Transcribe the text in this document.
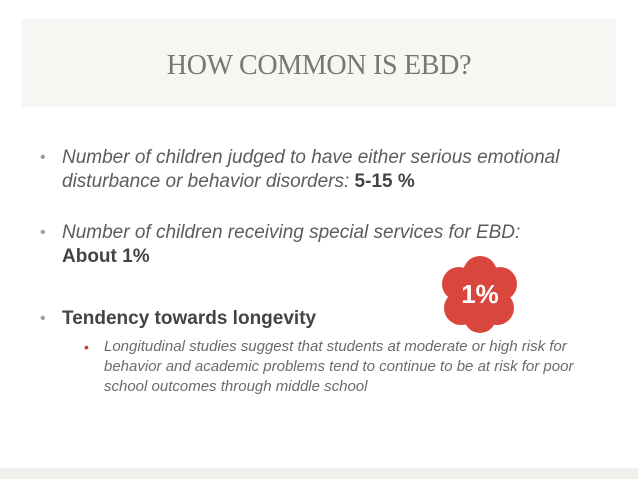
HOW COMMON IS EBD?
• Number of children judged to have either serious emotional disturbance or behavior disorders: 5-15 %
• Number of children receiving special services for EBD:
About 1%
• Tendency towards longevity
• Longitudinal studies suggest that students at moderate or high risk for behavior and academic problems tend to continue to be at risk for poor school outcomes through middle school
1%
